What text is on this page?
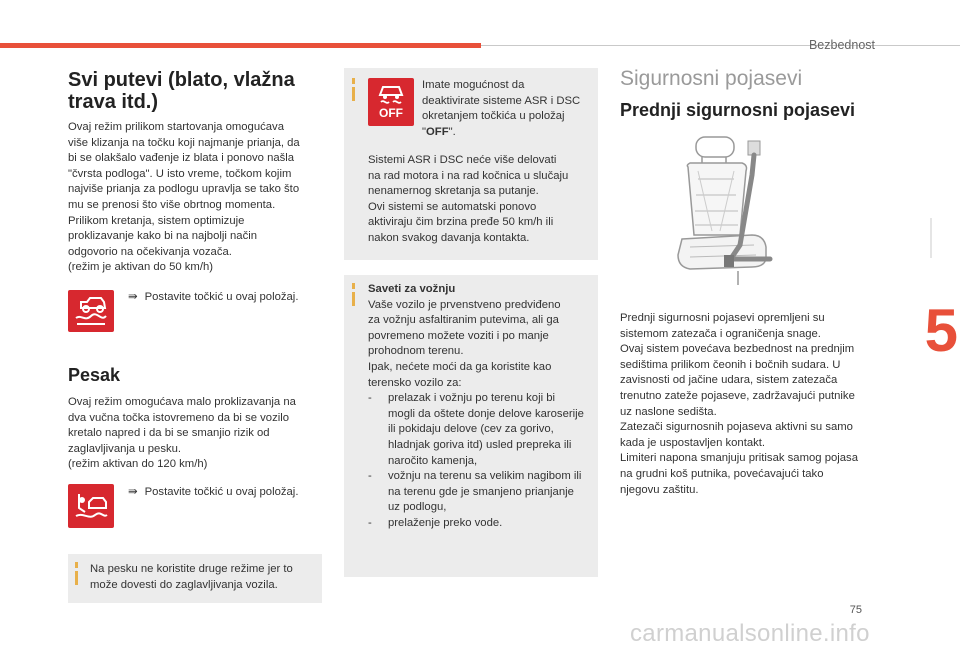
Bezbednost
Svi putevi (blato, vlažna
trava itd.)

Ovaj režim prilikom startovanja omogućava
više klizanja na točku koji najmanje prianja, da
bi se olakšalo vađenje iz blata i ponovo našla
"čvrsta podloga". U isto vreme, točkom kojim
najviše prianja za podlogu upravlja se tako što
mu se prenosi što više obrtnog momenta.
Prilikom kretanja, sistem optimizuje
proklizavanje kako bi na najbolji način
odgovorio na očekivanja vozača.
(režim je aktivan do 50 km/h)

⇛ Postavite točkić u ovaj položaj.
Pesak

Ovaj režim omogućava malo proklizavanja na
dva vučna točka istovremeno da bi se vozilo
kretalo napred i da bi se smanjio rizik od
zaglavljivanja u pesku.
(režim aktivan do 120 km/h)

⇛ Postavite točkić u ovaj položaj.

Na pesku ne koristite druge režime jer to
može dovesti do zaglavljivanja vozila.

OFF

Imate mogućnost da
deaktivirate sisteme ASR i DSC
okretanjem točkića u položaj
"OFF".

Sistemi ASR i DSC neće više delovati
na rad motora i na rad kočnica u slučaju
nenamernog skretanja sa putanje.
Ovi sistemi se automatski ponovo
aktiviraju čim brzina pređe 50 km/h ili
nakon svakog davanja kontakta.

Saveti za vožnju

Vaše vozilo je prvenstveno predviđeno
za vožnju asfaltiranim putevima, ali ga
povremeno možete voziti i po manje
prohodnom terenu.
Ipak, nećete moći da ga koristite kao
terensko vozilo za:

-	prelazak i vožnju po terenu koji bi
mogli da oštete donje delove karoserije
ili pokidaju delove (cev za gorivo,
hladnjak goriva itd) usled prepreka ili
naročito kamenja,

-	vožnju na terenu sa velikim nagibom ili
na terenu gde je smanjeno prianjanje
uz podlogu,

-	prelaženje preko vode.

Sigurnosni pojasevi
Prednji sigurnosni pojasevi

Prednji sigurnosni pojasevi opremljeni su
sistemom zatezača i ograničenja snage.
Ovaj sistem povećava bezbednost na prednjim
sedištima prilikom čeonih i bočnih sudara. U
zavisnosti od jačine udara, sistem zatezača
trenutno zateže pojaseve, zadržavajući putnike
uz naslone sedišta.
Zatezači sigurnosnih pojaseva aktivni su samo
kada je uspostavljen kontakt.
Limiteri napona smanjuju pritisak samog pojasa
na grudni koš putnika, povećavajući tako
njegovu zaštitu.

5
75
carmanualsonline.info
